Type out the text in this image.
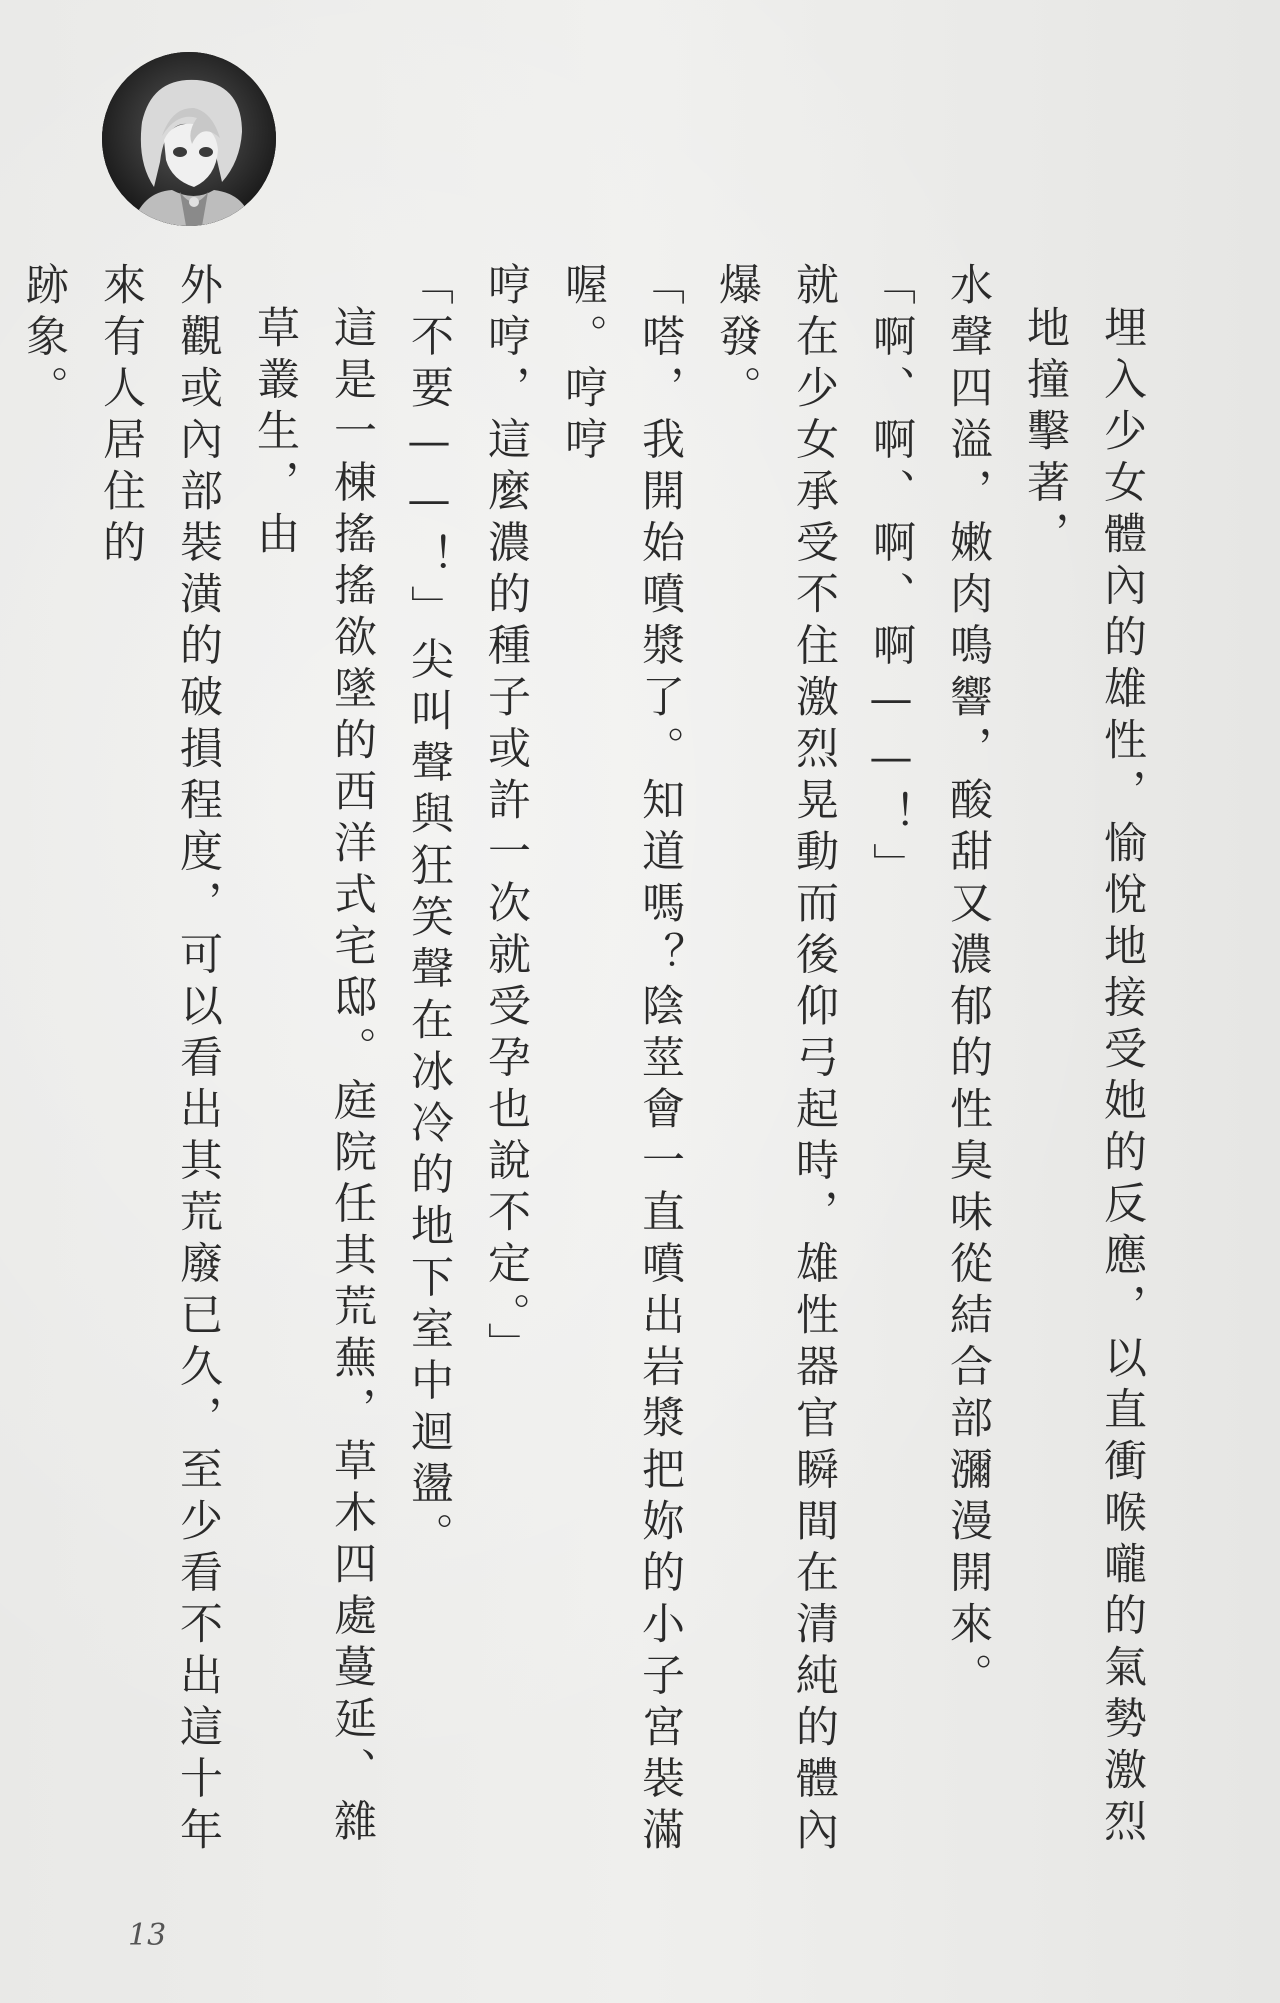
埋入少女體內的雄性，愉悅地接受她的反應，以直衝喉嚨的氣勢激烈地撞擊著，

水聲四溢，嫩肉鳴響，酸甜又濃郁的性臭味從結合部瀰漫開來。

「啊、啊、啊、啊——！」

就在少女承受不住激烈晃動而後仰弓起時，雄性器官瞬間在清純的體內爆發。

「嗒，我開始噴漿了。知道嗎？陰莖會一直噴出岩漿把妳的小子宮裝滿喔。哼哼

哼哼，這麼濃的種子或許一次就受孕也說不定。」

「不要——！」尖叫聲與狂笑聲在冰冷的地下室中迴盪。

這是一棟搖搖欲墜的西洋式宅邸。庭院任其荒蕪，草木四處蔓延、雜草叢生，由

外觀或內部裝潢的破損程度，可以看出其荒廢已久，至少看不出這十年來有人居住的

跡象。

13
